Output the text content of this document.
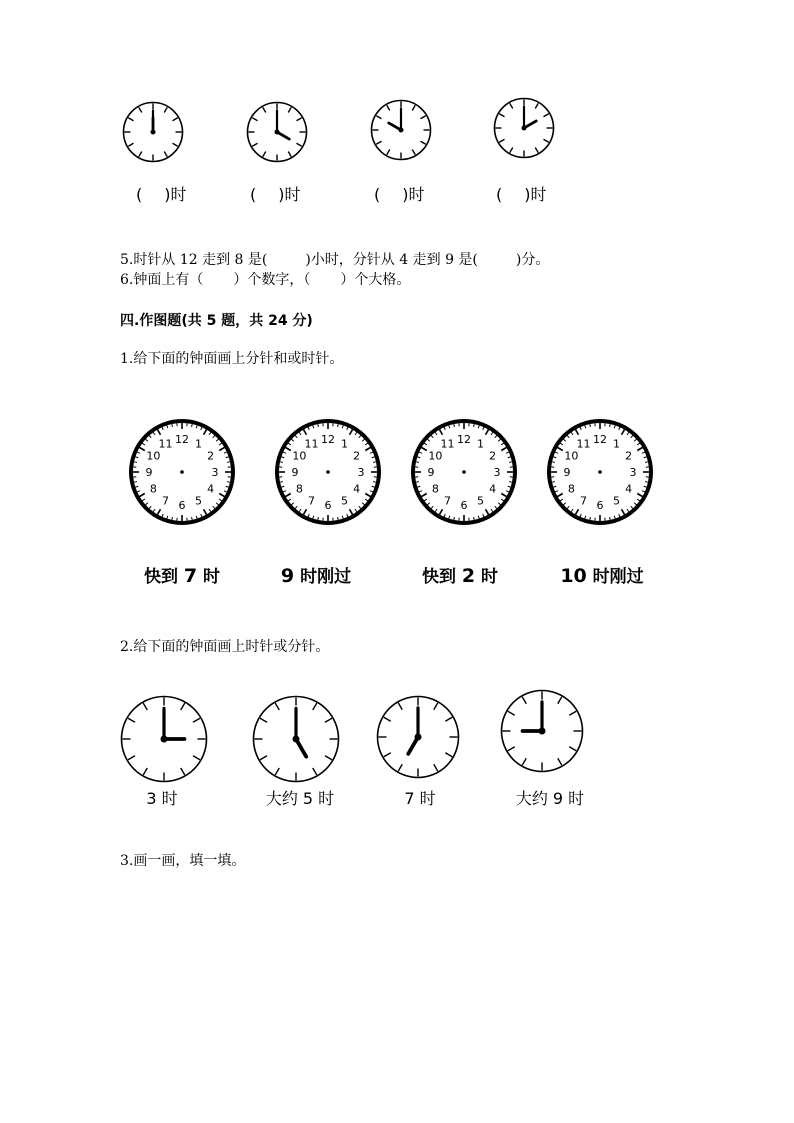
( )时	( )时	( )时	( )时
5.时针从 12 走到 8 是(	)小时，分针从 4 走到 9 是(	)分。
6.钟面上有（ ）个数字，（ ）个大格。
四.作图题(共 5 题，共 24 分)
1.给下面的钟面画上分针和或时针。
12 1
2
3
4
5
6
7
8
9
10
11	12 1
2
3
4
5
6
7
8
9
10
11	12 1
2
3
4
5
6
7
8
9
10
11	12 1
2
3
4
5
6
7
8
9
10
11
快到 7 时	9 时刚过	快到 2 时	10 时刚过
2.给下面的钟面画上时针或分针。
3 时	大约 5 时	7 时	大约 9 时
3.画一画，填一填。
